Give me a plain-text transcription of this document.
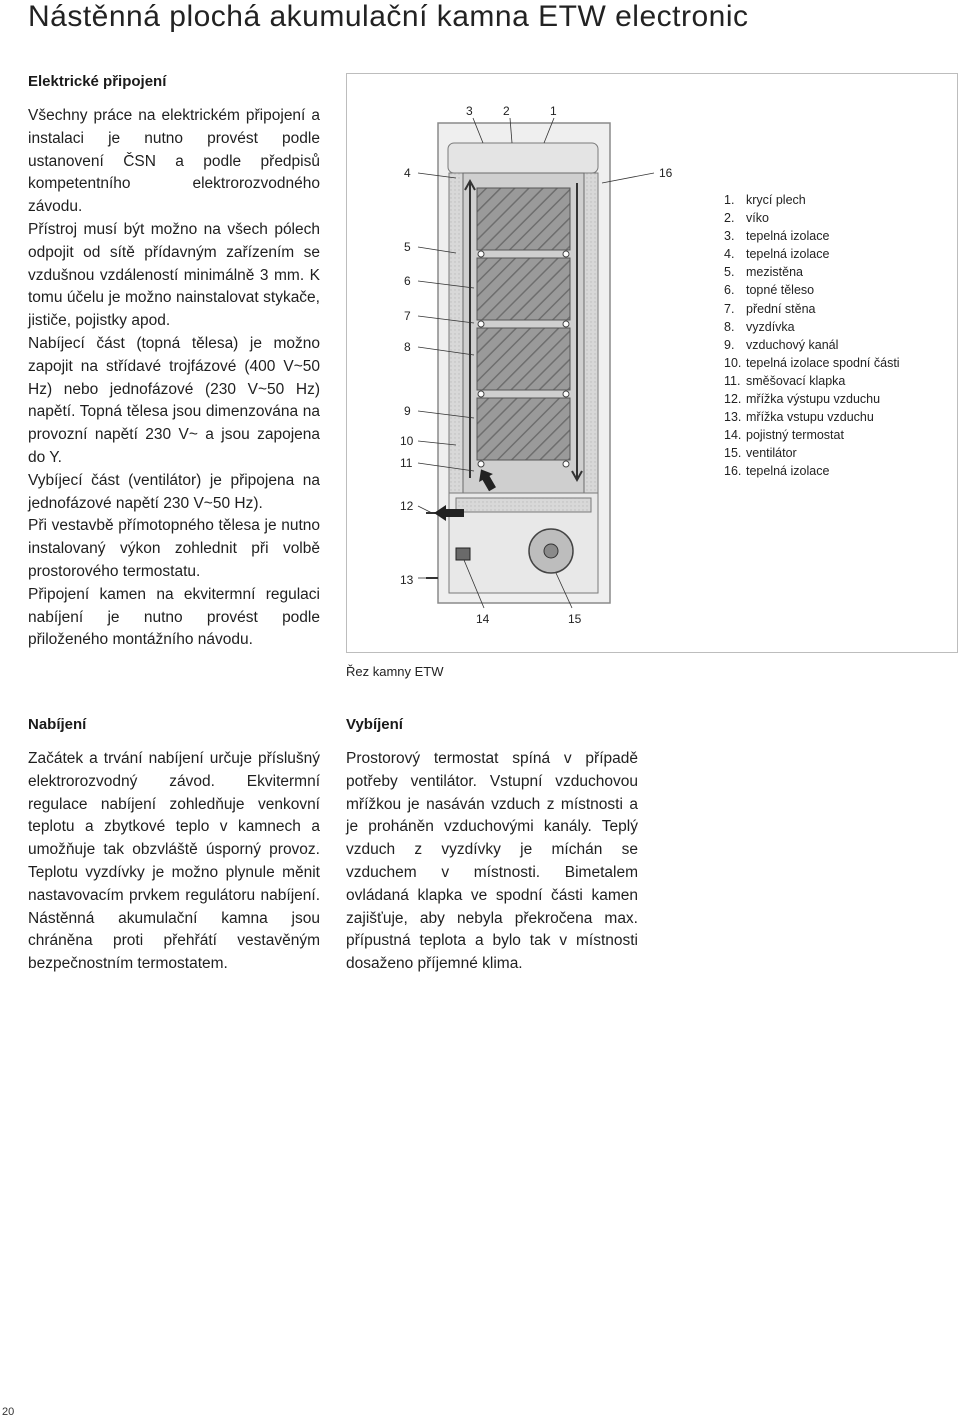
Nástěnná plochá akumulační kamna ETW electronic
Elektrické připojení

Všechny práce na elektrickém připojení a instalaci je nutno provést podle ustanovení ČSN a podle předpisů kompetentního elektrorozvodného závodu.

Přístroj musí být možno na všech pólech odpojit od sítě přídavným zařízením se vzdušnou vzdáleností minimálně 3 mm. K tomu účelu je možno nainstalovat stykače, jističe, pojistky apod.

Nabíjecí část (topná tělesa) je možno zapojit na střídavé trojfázové (400 V~50 Hz) nebo jednofázové (230 V~50 Hz) napětí. Topná tělesa jsou dimenzována na provozní napětí 230 V~ a jsou zapojena do Y.

Vybíjecí část (ventilátor) je připojena na jednofázové napětí 230 V~50 Hz).

Při vestavbě přímotopného tělesa je nutno instalovaný výkon zohlednit při volbě prostorového termostatu.

Připojení kamen na ekvitermní regulaci nabíjení je nutno provést podle přiloženého montážního návodu.

3	2	1
4	16
5
6
7
8
9
10
11
12
13
14	15
1. krycí plech
2. víko
3. tepelná izolace
4. tepelná izolace
5. mezistěna
6. topné těleso
7. přední stěna
8. vyzdívka
9. vzduchový kanál
10. tepelná izolace spodní části
11. směšovací klapka
12. mřížka výstupu vzduchu
13. mřížka vstupu vzduchu
14. pojistný termostat
15. ventilátor
16. tepelná izolace
Řez kamny ETW
Nabíjení
Začátek a trvání nabíjení určuje příslušný elektrorozvodný závod. Ekvitermní regulace nabíjení zohledňuje venkovní teplotu a zbytkové teplo v kamnech a umožňuje tak obzvláště úsporný provoz. Teplotu vyzdívky je možno plynule měnit nastavovacím prvkem regulátoru nabíjení. Nástěnná akumulační kamna jsou chráněna proti přehřátí vestavěným bezpečnostním termostatem.
Vybíjení
Prostorový termostat spíná v případě potřeby ventilátor. Vstupní vzduchovou mřížkou je nasáván vzduch z místnosti a je proháněn vzduchovými kanály. Teplý vzduch z vyzdívky je míchán se vzduchem v místnosti. Bimetalem ovládaná klapka ve spodní části kamen zajišťuje, aby nebyla překročena max. přípustná teplota a bylo tak v místnosti dosaženo příjemné klima.
20
